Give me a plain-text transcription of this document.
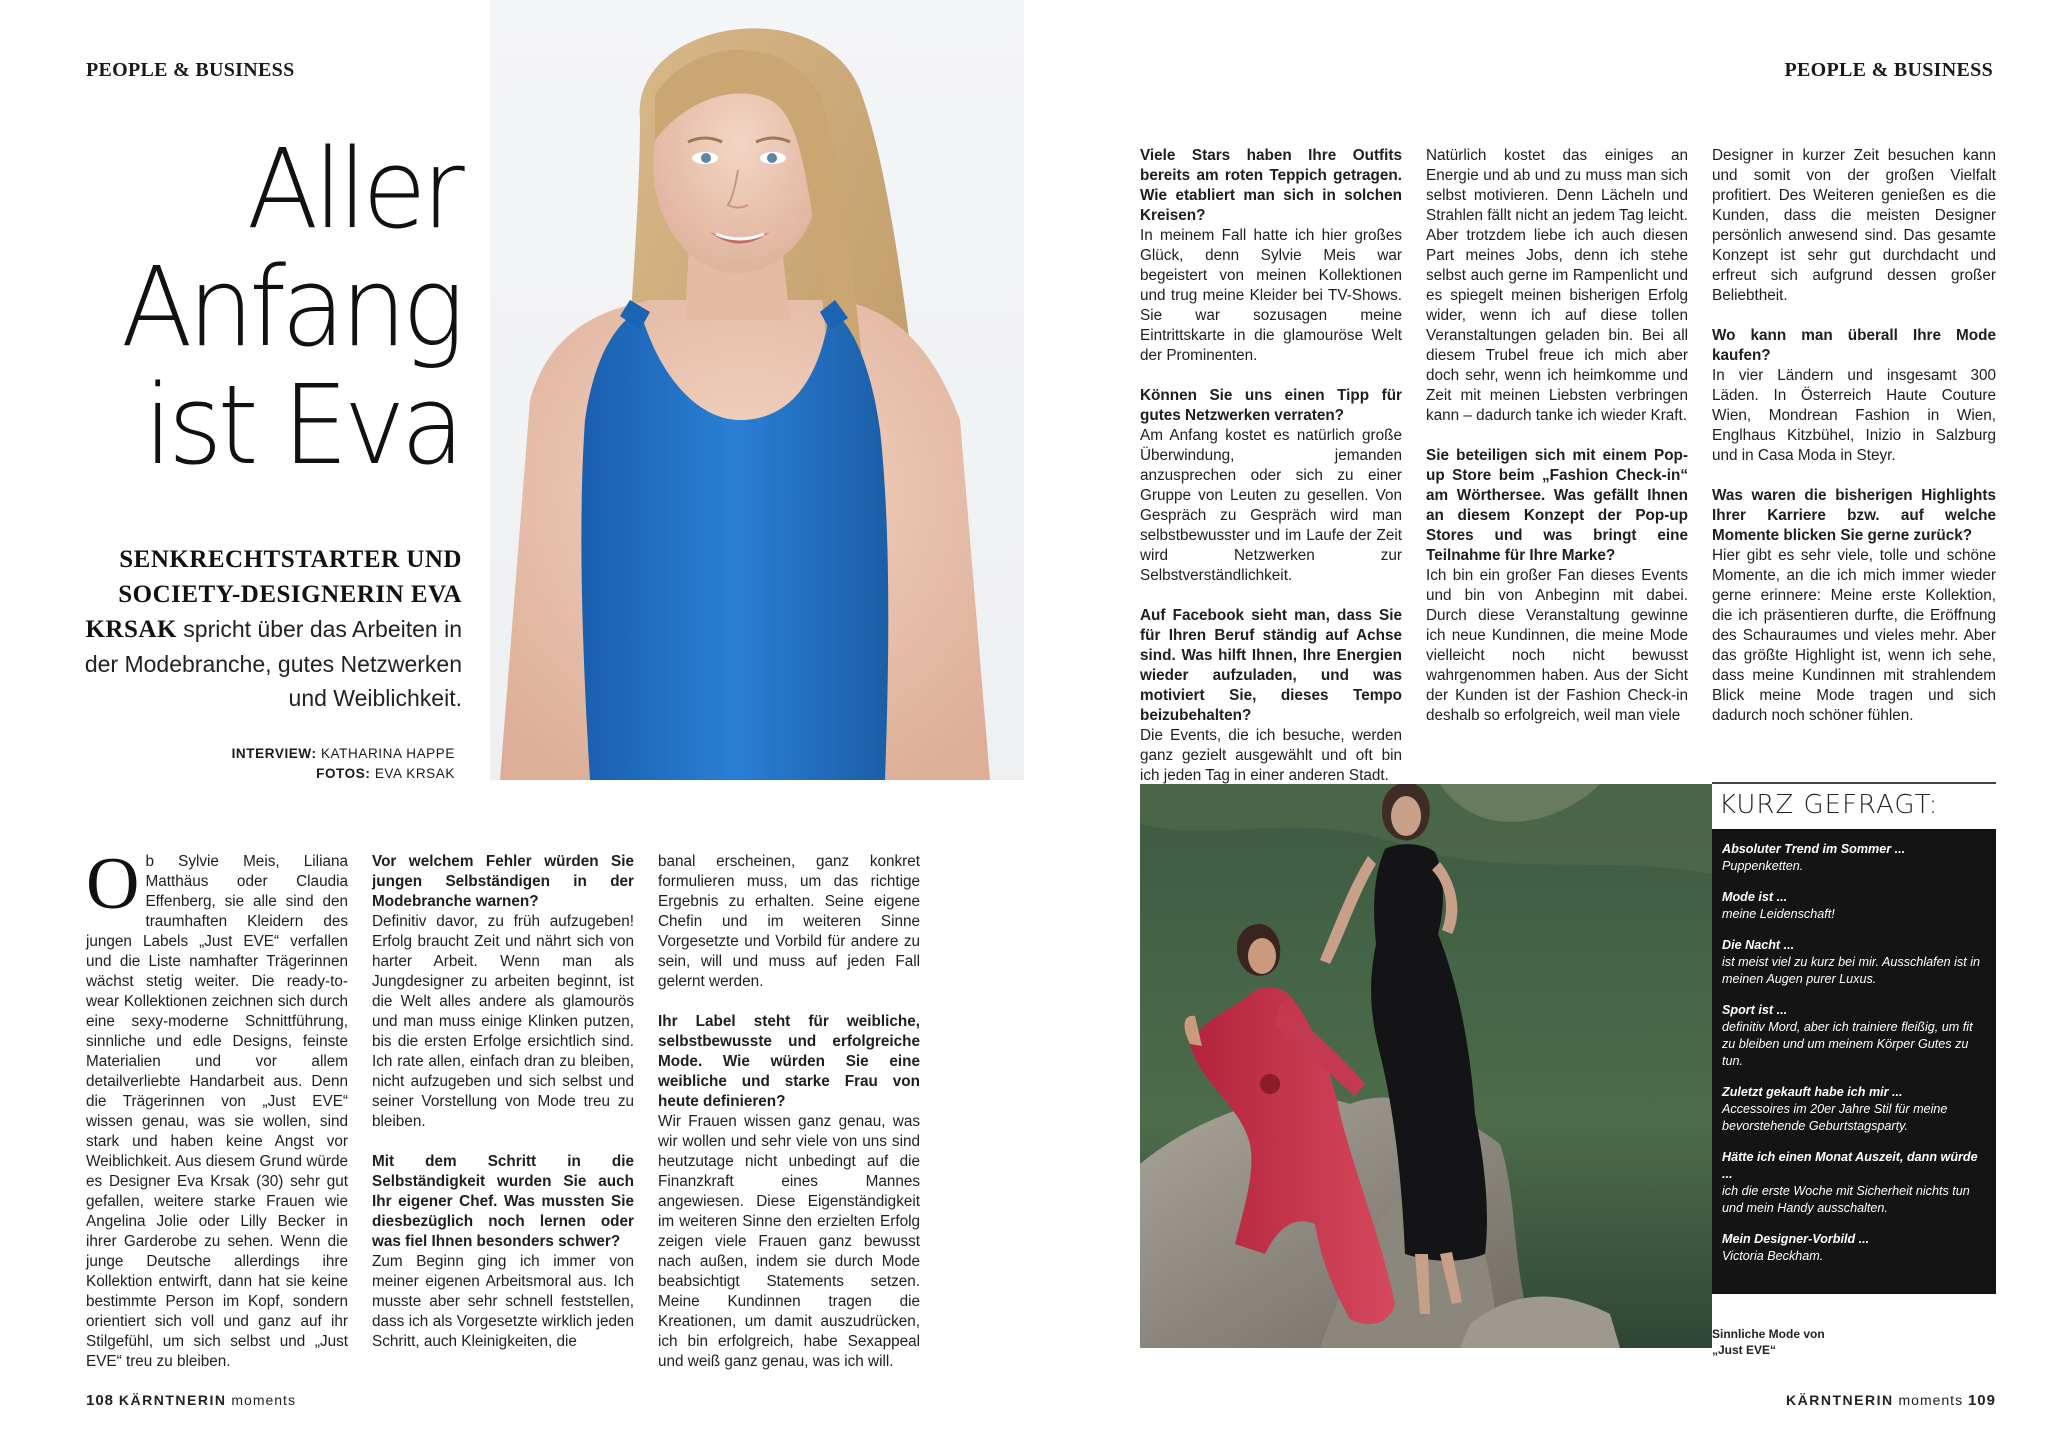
PEOPLE & BUSINESS
Aller
Anfang
ist Eva
SENKRECHTSTARTER UND SOCIETY-DESIGNERIN EVA KRSAK spricht über das Arbeiten in der Modebranche, gutes Netzwerken und Weiblichkeit.
INTERVIEW: KATHARINA HAPPE
FOTOS: EVA KRSAK
Ob Sylvie Meis, Liliana Matthäus oder Claudia Effenberg, sie alle sind den traumhaften Kleidern des jungen Labels „Just EVE“ verfallen und die Liste namhafter Trägerinnen wächst stetig weiter. Die ready-to-wear Kollektionen zeichnen sich durch eine sexy-moderne Schnittführung, sinnliche und edle Designs, feinste Materialien und vor allem detailverliebte Handarbeit aus. Denn die Trägerinnen von „Just EVE“ wissen genau, was sie wollen, sind stark und haben keine Angst vor Weiblichkeit. Aus diesem Grund würde es Designer Eva Krsak (30) sehr gut gefallen, weitere starke Frauen wie Angelina Jolie oder Lilly Becker in ihrer Garderobe zu sehen. Wenn die junge Deutsche allerdings ihre Kollektion entwirft, dann hat sie keine bestimmte Person im Kopf, sondern orientiert sich voll und ganz auf ihr Stilgefühl, um sich selbst und „Just EVE“ treu zu bleiben.

Vor welchem Fehler würden Sie jungen Selbständigen in der Modebranche warnen?
Definitiv davor, zu früh aufzugeben! Erfolg braucht Zeit und nährt sich von harter Arbeit. Wenn man als Jungdesigner zu arbeiten beginnt, ist die Welt alles andere als glamourös und man muss einige Klinken putzen, bis die ersten Erfolge ersichtlich sind. Ich rate allen, einfach dran zu bleiben, nicht aufzugeben und sich selbst und seiner Vorstellung von Mode treu zu bleiben.

Mit dem Schritt in die Selbständigkeit wurden Sie auch Ihr eigener Chef. Was mussten Sie diesbezüglich noch lernen oder was fiel Ihnen besonders schwer?
Zum Beginn ging ich immer von meiner eigenen Arbeitsmoral aus. Ich musste aber sehr schnell feststellen, dass ich als Vorgesetzte wirklich jeden Schritt, auch Kleinigkeiten, die

banal erscheinen, ganz konkret formulieren muss, um das richtige Ergebnis zu erhalten. Seine eigene Chefin und im weiteren Sinne Vorgesetzte und Vorbild für andere zu sein, will und muss auf jeden Fall gelernt werden.

Ihr Label steht für weibliche, selbstbewusste und erfolgreiche Mode. Wie würden Sie eine weibliche und starke Frau von heute definieren?
Wir Frauen wissen ganz genau, was wir wollen und sehr viele von uns sind heutzutage nicht unbedingt auf die Finanzkraft eines Mannes angewiesen. Diese Eigenständigkeit im weiteren Sinne den erzielten Erfolg zeigen viele Frauen ganz bewusst nach außen, indem sie durch Mode beabsichtigt Statements setzen. Meine Kundinnen tragen die Kreationen, um damit auszudrücken, ich bin erfolgreich, habe Sexappeal und weiß ganz genau, was ich will.

108 KÄRNTNERIN moments
PEOPLE & BUSINESS

Viele Stars haben Ihre Outfits bereits am roten Teppich getragen. Wie etabliert man sich in solchen Kreisen?
In meinem Fall hatte ich hier großes Glück, denn Sylvie Meis war begeistert von meinen Kollektionen und trug meine Kleider bei TV-Shows. Sie war sozusagen meine Eintrittskarte in die glamouröse Welt der Prominenten.

Können Sie uns einen Tipp für gutes Netzwerken verraten?
Am Anfang kostet es natürlich große Überwindung, jemanden anzusprechen oder sich zu einer Gruppe von Leuten zu gesellen. Von Gespräch zu Gespräch wird man selbstbewusster und im Laufe der Zeit wird Netzwerken zur Selbstverständlichkeit.

Auf Facebook sieht man, dass Sie für Ihren Beruf ständig auf Achse sind. Was hilft Ihnen, Ihre Energien wieder aufzuladen, und was motiviert Sie, dieses Tempo beizubehalten?
Die Events, die ich besuche, werden ganz gezielt ausgewählt und oft bin ich jeden Tag in einer anderen Stadt.

Natürlich kostet das einiges an Energie und ab und zu muss man sich selbst motivieren. Denn Lächeln und Strahlen fällt nicht an jedem Tag leicht. Aber trotzdem liebe ich auch diesen Part meines Jobs, denn ich stehe selbst auch gerne im Rampenlicht und es spiegelt meinen bisherigen Erfolg wider, wenn ich auf diese tollen Veranstaltungen geladen bin. Bei all diesem Trubel freue ich mich aber doch sehr, wenn ich heimkomme und Zeit mit meinen Liebsten verbringen kann – dadurch tanke ich wieder Kraft.

Sie beteiligen sich mit einem Pop-up Store beim „Fashion Check-in“ am Wörthersee. Was gefällt Ihnen an diesem Konzept der Pop-up Stores und was bringt eine Teilnahme für Ihre Marke?
Ich bin ein großer Fan dieses Events und bin von Anbeginn mit dabei. Durch diese Veranstaltung gewinne ich neue Kundinnen, die meine Mode vielleicht noch nicht bewusst wahrgenommen haben. Aus der Sicht der Kunden ist der Fashion Check-in deshalb so erfolgreich, weil man viele

Designer in kurzer Zeit besuchen kann und somit von der großen Vielfalt profitiert. Des Weiteren genießen es die Kunden, dass die meisten Designer persönlich anwesend sind. Das gesamte Konzept ist sehr gut durchdacht und erfreut sich aufgrund dessen großer Beliebtheit.

Wo kann man überall Ihre Mode kaufen?
In vier Ländern und insgesamt 300 Läden. In Österreich Haute Couture Wien, Mondrean Fashion in Wien, Englhaus Kitzbühel, Inizio in Salzburg und in Casa Moda in Steyr.

Was waren die bisherigen Highlights Ihrer Karriere bzw. auf welche Momente blicken Sie gerne zurück?
Hier gibt es sehr viele, tolle und schöne Momente, an die ich mich immer wieder gerne erinnere: Meine erste Kollektion, die ich präsentieren durfte, die Eröffnung des Schauraumes und vieles mehr. Aber das größte Highlight ist, wenn ich sehe, dass meine Kundinnen mit strahlendem Blick meine Mode tragen und sich dadurch noch schöner fühlen.

KURZ GEFRAGT:
Absoluter Trend im Sommer ...
Puppenketten.
Mode ist ...
meine Leidenschaft!
Die Nacht ...
ist meist viel zu kurz bei mir. Ausschlafen ist in meinen Augen purer Luxus.
Sport ist ...
definitiv Mord, aber ich trainiere fleißig, um fit zu bleiben und um meinem Körper Gutes zu tun.
Zuletzt gekauft habe ich mir ...
Accessoires im 20er Jahre Stil für meine bevorstehende Geburtstagsparty.
Hätte ich einen Monat Auszeit, dann würde ...
ich die erste Woche mit Sicherheit nichts tun und mein Handy ausschalten.
Mein Designer-Vorbild ...
Victoria Beckham.
Sinnliche Mode von
„Just EVE“
KÄRNTNERIN moments 109
